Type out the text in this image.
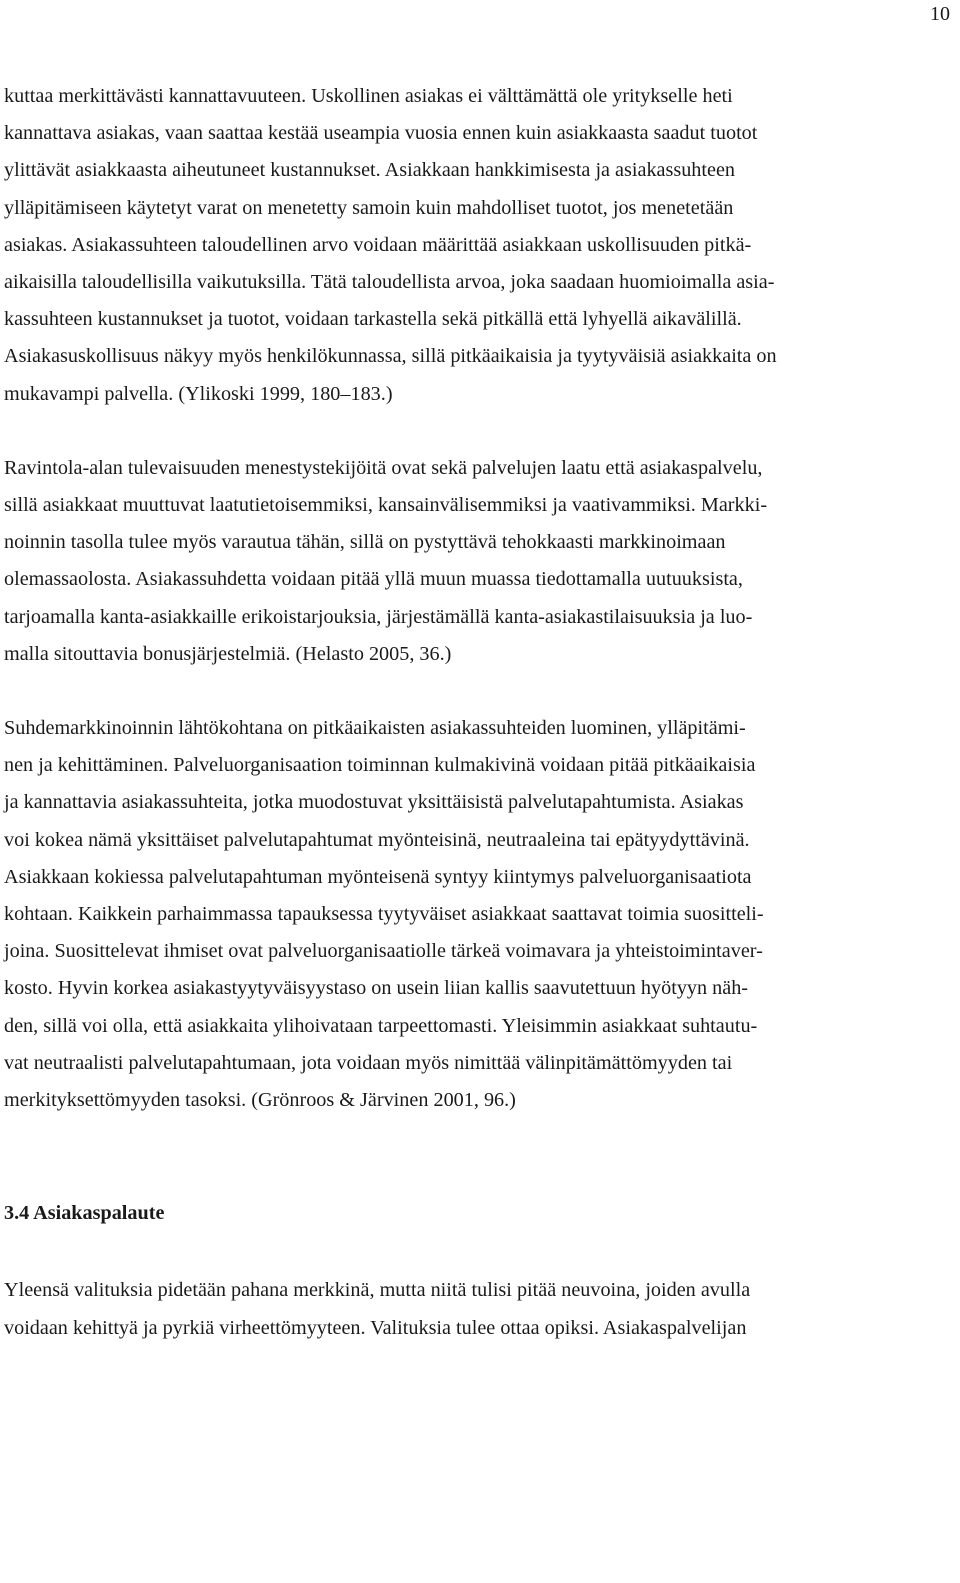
10

kuttaa merkittävästi kannattavuuteen. Uskollinen asiakas ei välttämättä ole yritykselle heti
kannattava asiakas, vaan saattaa kestää useampia vuosia ennen kuin asiakkaasta saadut tuotot
ylittävät asiakkaasta aiheutuneet kustannukset. Asiakkaan hankkimisesta ja asiakassuhteen
ylläpitämiseen käytetyt varat on menetetty samoin kuin mahdolliset tuotot, jos menetetään
asiakas. Asiakassuhteen taloudellinen arvo voidaan määrittää asiakkaan uskollisuuden pitkä-
aikaisilla taloudellisilla vaikutuksilla. Tätä taloudellista arvoa, joka saadaan huomioimalla asia-
kassuhteen kustannukset ja tuotot, voidaan tarkastella sekä pitkällä että lyhyellä aikavälillä.
Asiakasuskollisuus näkyy myös henkilökunnassa, sillä pitkäaikaisia ja tyytyväisiä asiakkaita on
mukavampi palvella. (Ylikoski 1999, 180–183.)

Ravintola-alan tulevaisuuden menestystekijöitä ovat sekä palvelujen laatu että asiakaspalvelu,
sillä asiakkaat muuttuvat laatutietoisemmiksi, kansainvälisemmiksi ja vaativammiksi. Markki-
noinnin tasolla tulee myös varautua tähän, sillä on pystyttävä tehokkaasti markkinoimaan
olemassaolosta. Asiakassuhdetta voidaan pitää yllä muun muassa tiedottamalla uutuuksista,
tarjoamalla kanta-asiakkaille erikoistarjouksia, järjestämällä kanta-asiakastilaisuuksia ja luo-
malla sitouttavia bonusjärjestelmiä. (Helasto 2005, 36.)

Suhdemarkkinoinnin lähtökohtana on pitkäaikaisten asiakassuhteiden luominen, ylläpitämi-
nen ja kehittäminen. Palveluorganisaation toiminnan kulmakivinä voidaan pitää pitkäaikaisia
ja kannattavia asiakassuhteita, jotka muodostuvat yksittäisistä palvelutapahtumista. Asiakas
voi kokea nämä yksittäiset palvelutapahtumat myönteisinä, neutraaleina tai epätyydyttävinä.
Asiakkaan kokiessa palvelutapahtuman myönteisenä syntyy kiintymys palveluorganisaatiota
kohtaan. Kaikkein parhaimmassa tapauksessa tyytyväiset asiakkaat saattavat toimia suositteli-
joina. Suosittelevat ihmiset ovat palveluorganisaatiolle tärkeä voimavara ja yhteistoimintaver-
kosto. Hyvin korkea asiakastyytyväisyystaso on usein liian kallis saavutettuun hyötyyn näh-
den, sillä voi olla, että asiakkaita ylihoivataan tarpeettomasti. Yleisimmin asiakkaat suhtautu-
vat neutraalisti palvelutapahtumaan, jota voidaan myös nimittää välinpitämättömyyden tai
merkityksettömyyden tasoksi. (Grönroos & Järvinen 2001, 96.)

3.4 Asiakaspalaute

Yleensä valituksia pidetään pahana merkkinä, mutta niitä tulisi pitää neuvoina, joiden avulla
voidaan kehittyä ja pyrkiä virheettömyyteen. Valituksia tulee ottaa opiksi. Asiakaspalvelijan
